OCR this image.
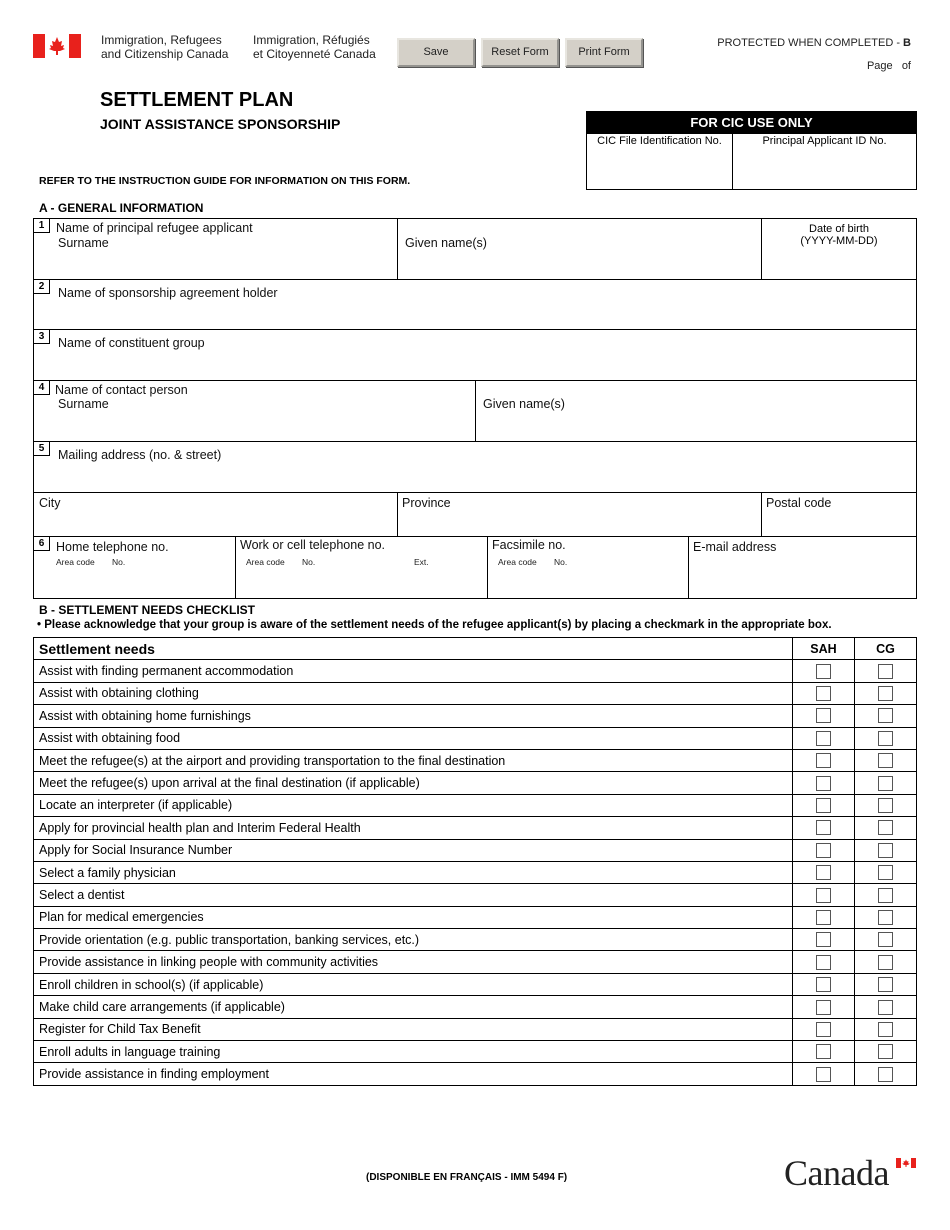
Immigration, Refugees
and Citizenship Canada
Immigration, Réfugiés
et Citoyenneté Canada	Save	Reset Form	Print Form
PROTECTED WHEN COMPLETED - B
Page of
SETTLEMENT PLAN
JOINT ASSISTANCE SPONSORSHIP	FOR CIC USE ONLY
CIC File Identification No.	Principal Applicant ID No.
REFER TO THE INSTRUCTION GUIDE FOR INFORMATION ON THIS FORM.
A - GENERAL INFORMATION
1 Name of principal refugee applicant
Surname	Given name(s)
Date of birth
(YYYY-MM-DD)
2	Name of sponsorship agreement holder
3	Name of constituent group
4 Name of contact person
Surname	Given name(s)
5	Mailing address (no. & street)
City	Province	Postal code
6 Home telephone no.
Area code No.
Work or cell telephone no.
Area code No.	Ext.
Facsimile no.
Area code No.
E-mail address
B - SETTLEMENT NEEDS CHECKLIST
• Please acknowledge that your group is aware of the settlement needs of the refugee applicant(s) by placing a checkmark in the appropriate box.
Settlement needs	SAH	CG
Assist with finding permanent accommodation		
Assist with obtaining clothing		
Assist with obtaining home furnishings		
Assist with obtaining food		
Meet the refugee(s) at the airport and providing transportation to the final destination		
Meet the refugee(s) upon arrival at the final destination (if applicable)		
Locate an interpreter (if applicable)		
Apply for provincial health plan and Interim Federal Health		
Apply for Social Insurance Number		
Select a family physician		
Select a dentist		
Plan for medical emergencies		
Provide orientation (e.g. public transportation, banking services, etc.)		
Provide assistance in linking people with community activities		
Enroll children in school(s) (if applicable)		
Make child care arrangements (if applicable)		
Register for Child Tax Benefit		
Enroll adults in language training		
Provide assistance in finding employment		
(DISPONIBLE EN FRANÇAIS - IMM 5494 F)	Canada
